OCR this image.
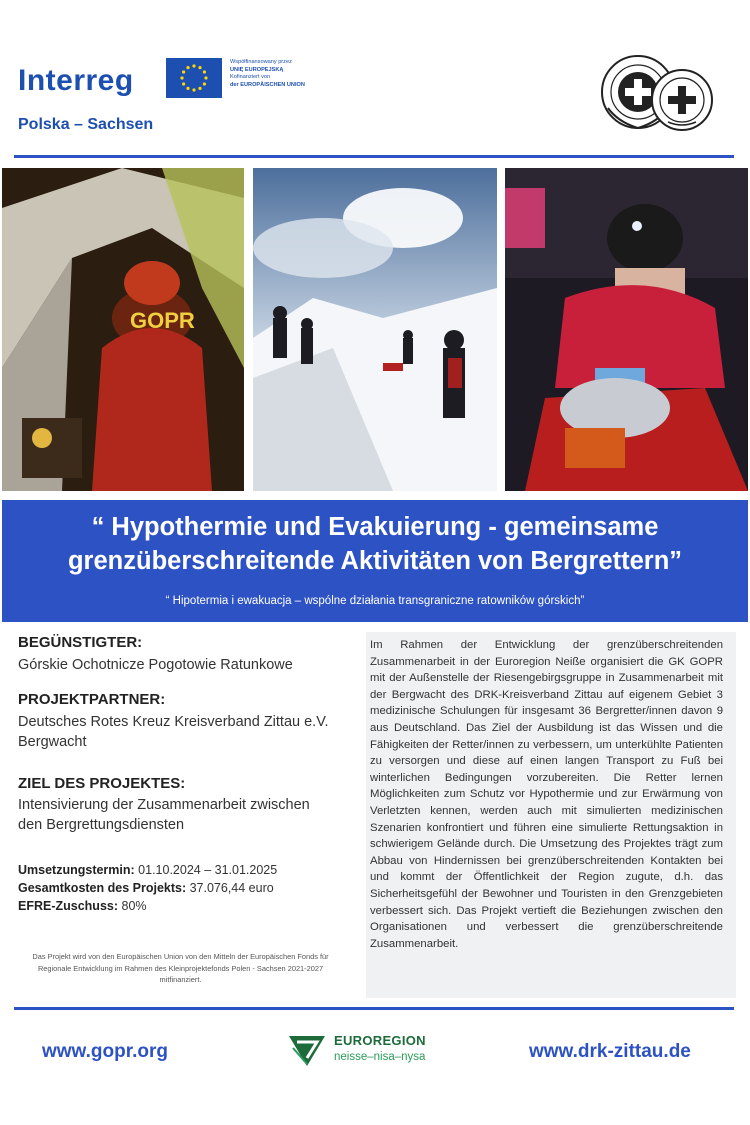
Interreg
Polska – Sachsen
Współfinansowany przez
UNIĘ EUROPEJSKĄ
Kofinanziert von
der EUROPÄISCHEN UNION
GOPR
“ Hypothermie und Evakuierung - gemeinsame
grenzüberschreitende Aktivitäten von Bergrettern”
“ Hipotermia i ewakuacja – wspólne działania transgraniczne ratowników górskich”
BEGÜNSTIGTER:
Górskie Ochotnicze Pogotowie Ratunkowe
PROJEKTPARTNER:
Deutsches Rotes Kreuz Kreisverband Zittau e.V. Bergwacht
ZIEL DES PROJEKTES:
Intensivierung der Zusammenarbeit zwischen den Bergrettungsdiensten
Umsetzungstermin: 01.10.2024 – 31.01.2025
Gesamtkosten des Projekts: 37.076,44 euro
EFRE-Zuschuss: 80%
Das Projekt wird von den Europäischen Union von den Mitteln der Europäischen Fonds für Regionale Entwicklung im Rahmen des Kleinprojektefonds Polen - Sachsen 2021-2027 mitfinanziert.
Im Rahmen der Entwicklung der grenzüberschreitenden Zusammenarbeit in der Euroregion Neiße organisiert die GK GOPR mit der Außenstelle der Riesengebirgsgruppe in Zusammenarbeit mit der Bergwacht des DRK-Kreisverband Zittau auf eigenem Gebiet 3 medizinische Schulungen für insgesamt 36 Bergretter/innen davon 9 aus Deutschland. Das Ziel der Ausbildung ist das Wissen und die Fähigkeiten der Retter/innen zu verbessern, um unterkühlte Patienten zu versorgen und diese auf einen langen Transport zu Fuß bei winterlichen Bedingungen vorzubereiten. Die Retter lernen Möglichkeiten zum Schutz vor Hypothermie und zur Erwärmung von Verletzten kennen, werden auch mit simulierten medizinischen Szenarien konfrontiert und führen eine simulierte Rettungsaktion in schwierigem Gelände durch. Die Umsetzung des Projektes trägt zum Abbau von Hindernissen bei grenzüberschreitenden Kontakten bei und kommt der Öffentlichkeit der Region zugute, d.h. das Sicherheitsgefühl der Bewohner und Touristen in den Grenzgebieten verbessert sich. Das Projekt vertieft die Beziehungen zwischen den Organisationen und verbessert die grenzüberschreitende Zusammenarbeit.
www.gopr.org
EUROREGION
neisse–nisa–nysa	www.drk-zittau.de
